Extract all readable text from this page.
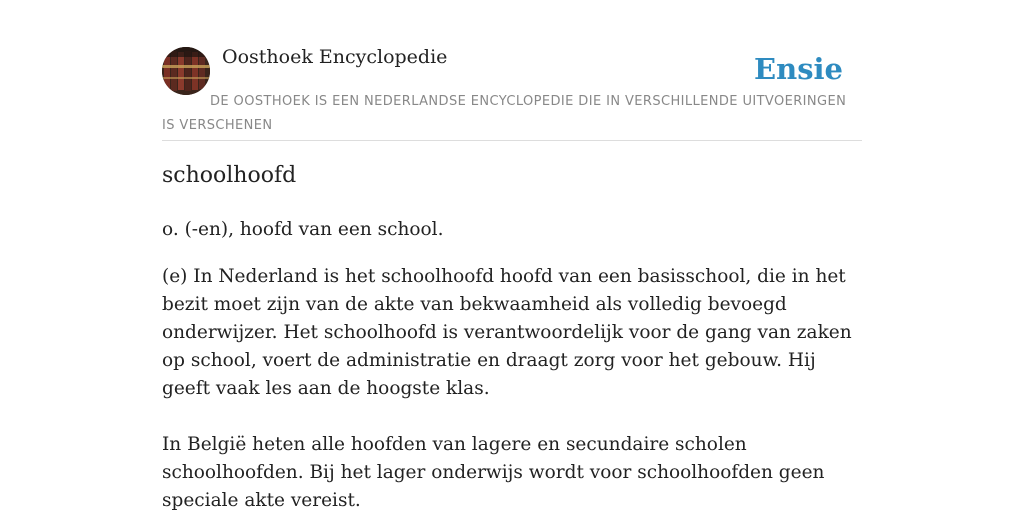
Oosthoek Encyclopedie	Ensie
DE OOSTHOEK IS EEN NEDERLANDSE ENCYCLOPEDIE DIE IN VERSCHILLENDE UITVOERINGEN IS VERSCHENEN
schoolhoofd

o. (-en), hoofd van een school.

(e) In Nederland is het schoolhoofd hoofd van een basisschool, die in het bezit moet zijn van de akte van bekwaamheid als volledig bevoegd onderwijzer. Het schoolhoofd is verantwoordelijk voor de gang van zaken op school, voert de administratie en draagt zorg voor het gebouw. Hij geeft vaak les aan de hoogste klas.

In België heten alle hoofden van lagere en secundaire scholen schoolhoofden. Bij het lager onderwijs wordt voor schoolhoofden geen speciale akte vereist.
